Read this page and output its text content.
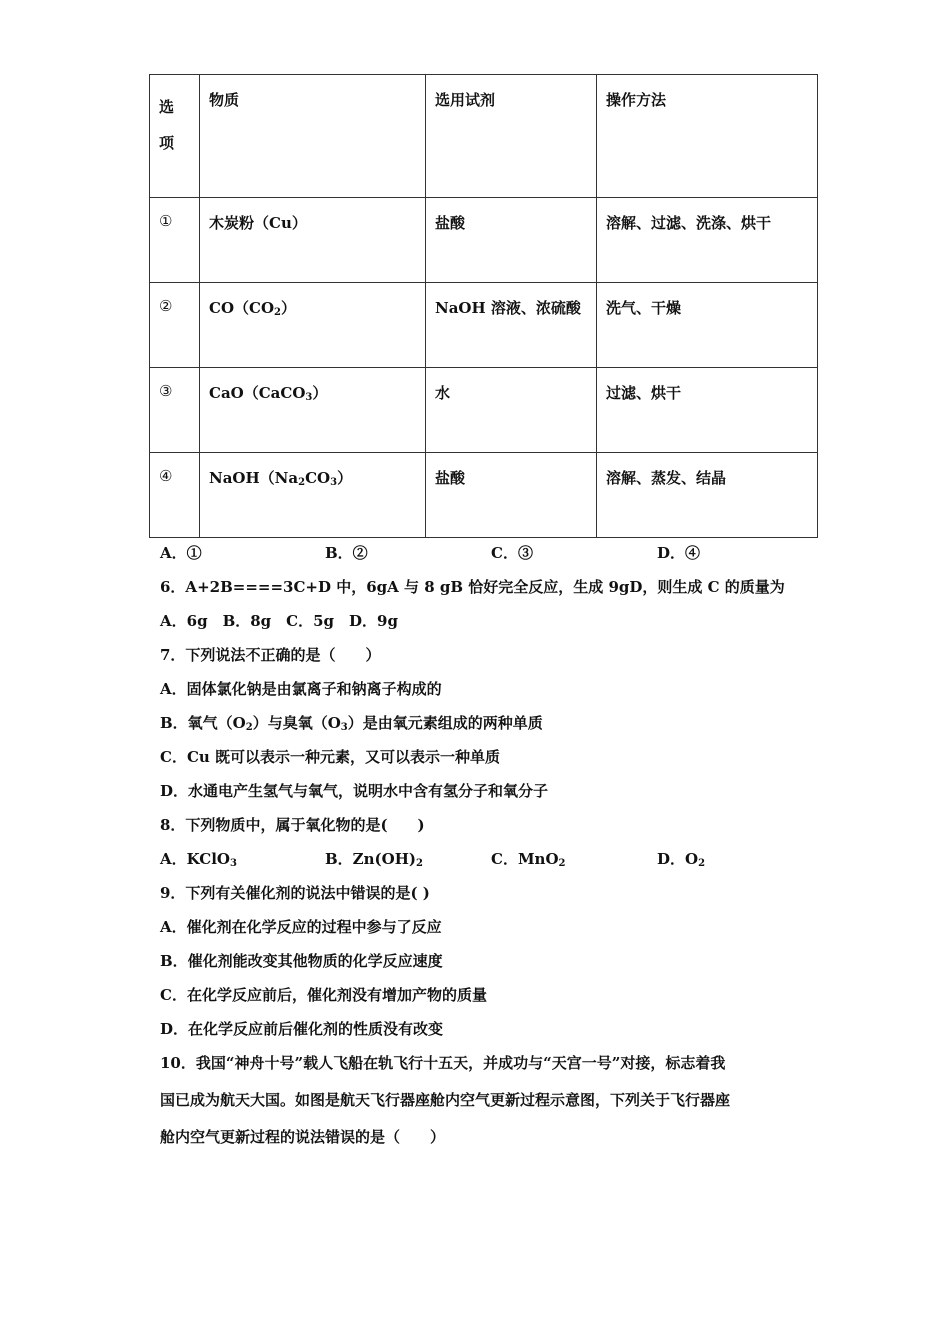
选
项	物质	选用试剂	操作方法
①	木炭粉（Cu）	盐酸	溶解、过滤、洗涤、烘干
②	$CO(CO_2)$	NaOH 溶液、浓硫酸	洗气、干燥
③	CaO（CaCO$_3$）	水	过滤、烘干
④	$NaOH(Na_2CO_3)$	盐酸	溶解、蒸发、结晶
A．①	B．②	C．③	D．④
6．A+2B====3C+D 中，6gA 与 8 gB 恰好完全反应，生成 9gD，则生成 C 的质量为
A．6g　B．8g　C．5g　D．9g
7．下列说法不正确的是（　　）
A．固体氯化钠是由氯离子和钠离子构成的
B．氧气$(O_2)$与臭氧$(O_3)$是由氧元素组成的两种单质
C．Cu 既可以表示一种元素，又可以表示一种单质
D．水通电产生氢气与氧气，说明水中含有氢分子和氧分子
8．下列物质中，属于氧化物的是(　　)
A．KClO$_3$	B．$Zn(OH)_2$	C．MnO$_2$	D．$O_2$
9．下列有关催化剂的说法中错误的是( )
A．催化剂在化学反应的过程中参与了反应
B．催化剂能改变其他物质的化学反应速度
C．在化学反应前后，催化剂没有增加产物的质量
D．在化学反应前后催化剂的性质没有改变
10．我国“神舟十号”载人飞船在轨飞行十五天，并成功与“天宫一号”对接，标志着我
国已成为航天大国。如图是航天飞行器座舱内空气更新过程示意图，下列关于飞行器座
舱内空气更新过程的说法错误的是（　　）
